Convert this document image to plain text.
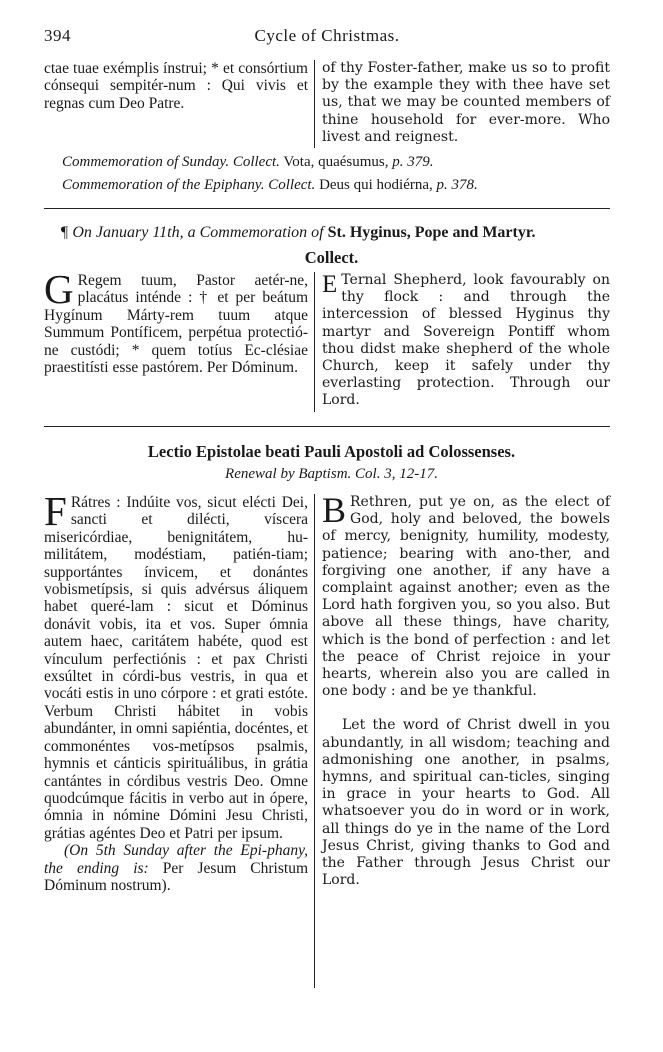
394	Cycle of Christmas.
ctae tuae exémplis ínstrui; * et consórtium cónsequi sempitér-num : Qui vivis et regnas cum Deo Patre.
of thy Foster-father, make us so to profit by the example they with thee have set us, that we may be counted members of thine household for ever-more. Who livest and reignest.
Commemoration of Sunday. Collect. Vota, quaésumus, p. 379.
Commemoration of the Epiphany. Collect. Deus qui hodiérna, p. 378.
¶ On January 11th, a Commemoration of St. Hyginus, Pope and Martyr.
Collect.
G Regem tuum, Pastor aetér-ne, placátus inténde : † et per beátum Hygínum Márty-rem tuum atque Summum Pontíficem, perpétua protectió-ne custódi; * quem totíus Ec-clésiae praestitísti esse pastórem. Per Dóminum.
E Ternal Shepherd, look favourably on thy flock : and through the intercession of blessed Hyginus thy martyr and Sovereign Pontiff whom thou didst make shepherd of the whole Church, keep it safely under thy everlasting protection. Through our Lord.
Lectio Epistolae beati Pauli Apostoli ad Colossenses.
Renewal by Baptism. Col. 3, 12-17.
F Rátres : Indúite vos, sicut elécti Dei, sancti et dilécti, víscera misericórdiae, benignitátem, hu-militátem, modéstiam, patién-tiam; supportántes ínvicem, et donántes vobismetípsis, si quis advérsus áliquem habet queré-lam : sicut et Dóminus donávit vobis, ita et vos. Super ómnia autem haec, caritátem habéte, quod est vínculum perfectiónis : et pax Christi exsúltet in córdi-bus vestris, in qua et vocáti estis in uno córpore : et grati estóte. Verbum Christi hábitet in vobis abundánter, in omni sapiéntia, docéntes, et commonéntes vos-metípsos psalmis, hymnis et cánticis spirituálibus, in grátia cantántes in córdibus vestris Deo. Omne quodcúmque fácitis in verbo aut in ópere, ómnia in nómine Dómini Jesu Christi, grátias agéntes Deo et Patri per ipsum.
(On 5th Sunday after the Epi-phany, the ending is: Per Jesum Christum Dóminum nostrum).
B Rethren, put ye on, as the elect of God, holy and beloved, the bowels of mercy, benignity, humility, modesty, patience; bearing with ano-ther, and forgiving one another, if any have a complaint against another; even as the Lord hath forgiven you, so you also. But above all these things, have charity, which is the bond of perfection : and let the peace of Christ rejoice in your hearts, wherein also you are called in one body : and be ye thankful.
Let the word of Christ dwell in you abundantly, in all wisdom; teaching and admonishing one another, in psalms, hymns, and spiritual can-ticles, singing in grace in your hearts to God. All whatsoever you do in word or in work, all things do ye in the name of the Lord Jesus Christ, giving thanks to God and the Father through Jesus Christ our Lord.
